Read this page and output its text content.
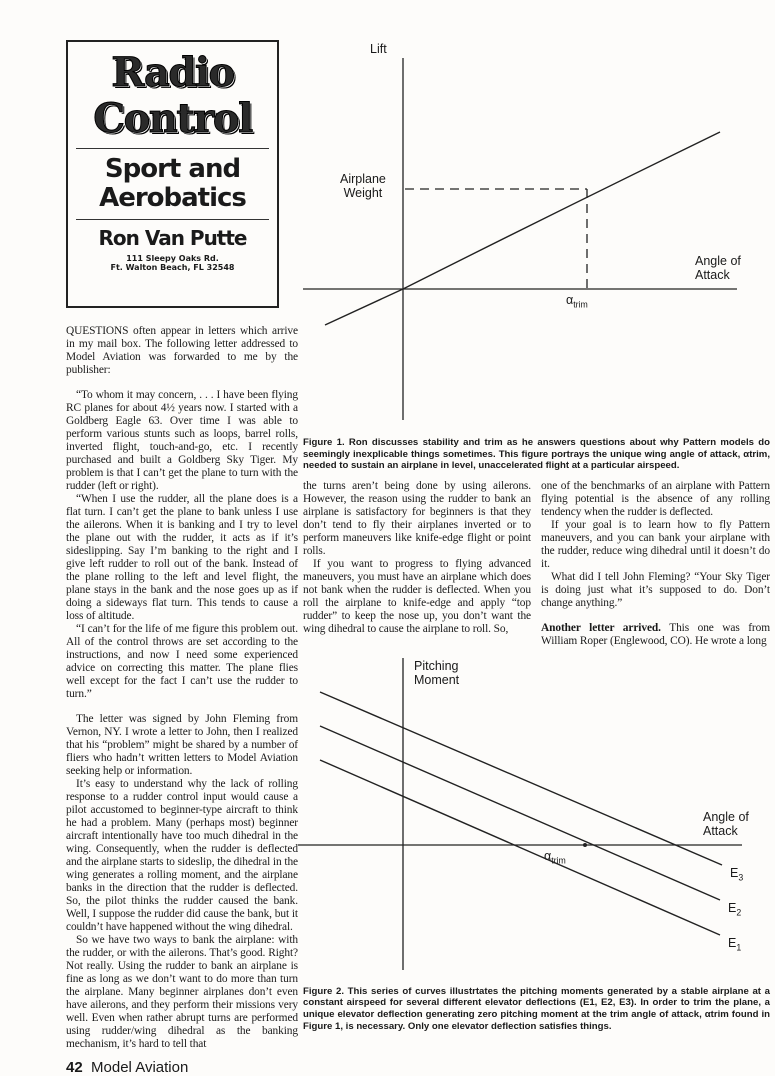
Radio
Control
Sport and
Aerobatics
Ron Van Putte
111 Sleepy Oaks Rd.
Ft. Walton Beach, FL 32548

QUESTIONS often appear in letters which arrive in my mail box. The following letter addressed to Model Aviation was forwarded to me by the publisher:

“To whom it may concern, . . . I have been flying RC planes for about 4½ years now. I started with a Goldberg Eagle 63. Over time I was able to perform various stunts such as loops, barrel rolls, inverted flight, touch-and-go, etc. I recently purchased and built a Goldberg Sky Tiger. My problem is that I can’t get the plane to turn with the rudder (left or right).

“When I use the rudder, all the plane does is a flat turn. I can’t get the plane to bank unless I use the ailerons. When it is banking and I try to level the plane out with the rudder, it acts as if it’s sideslipping. Say I’m banking to the right and I give left rudder to roll out of the bank. Instead of the plane rolling to the left and level flight, the plane stays in the bank and the nose goes up as if doing a sideways flat turn. This tends to cause a loss of altitude.

“I can’t for the life of me figure this problem out. All of the control throws are set according to the instructions, and now I need some experienced advice on correcting this matter. The plane flies well except for the fact I can’t use the rudder to turn.”

The letter was signed by John Fleming from Vernon, NY. I wrote a letter to John, then I realized that his “problem” might be shared by a number of fliers who hadn’t written letters to Model Aviation seeking help or information.

It’s easy to understand why the lack of rolling response to a rudder control input would cause a pilot accustomed to beginner-type aircraft to think he had a problem. Many (perhaps most) beginner aircraft intentionally have too much dihedral in the wing. Consequently, when the rudder is deflected and the airplane starts to sideslip, the dihedral in the wing generates a rolling moment, and the airplane banks in the direction that the rudder is deflected. So, the pilot thinks the rudder caused the bank. Well, I suppose the rudder did cause the bank, but it couldn’t have happened without the wing dihedral.

So we have two ways to bank the airplane: with the rudder, or with the ailerons. That’s good. Right? Not really. Using the rudder to bank an airplane is fine as long as we don’t want to do more than turn the airplane. Many beginner airplanes don’t even have ailerons, and they perform their missions very well. Even when rather abrupt turns are performed using rudder/wing dihedral as the banking mechanism, it’s hard to tell that

42 Model Aviation
Lift
Airplane
Weight
Angle of
Attack
$\alpha_{trim}$
Figure 1. Ron discusses stability and trim as he answers questions about why Pattern models do seemingly inexplicable things sometimes. This figure portrays the unique wing angle of attack, αtrim, needed to sustain an airplane in level, unaccelerated flight at a particular airspeed.

the turns aren’t being done by using ailerons. However, the reason using the rudder to bank an airplane is satisfactory for beginners is that they don’t tend to fly their airplanes inverted or to perform maneuvers like knife-edge flight or point rolls.

If you want to progress to flying advanced maneuvers, you must have an airplane which does not bank when the rudder is deflected. When you roll the airplane to knife-edge and apply “top rudder” to keep the nose up, you don’t want the wing dihedral to cause the airplane to roll. So,

one of the benchmarks of an airplane with Pattern flying potential is the absence of any rolling tendency when the rudder is deflected.

If your goal is to learn how to fly Pattern maneuvers, and you can bank your airplane with the rudder, reduce wing dihedral until it doesn’t do it.

What did I tell John Fleming? “Your Sky Tiger is doing just what it’s supposed to do. Don’t change anything.”

Another letter arrived. This one was from William Roper (Englewood, CO). He wrote a long

Pitching
Moment
Angle of
Attack
$\alpha_{trim}$
$E_3$
$E_2$
$E_1$
Figure 2. This series of curves illustrtates the pitching moments generated by a stable airplane at a constant airspeed for several different elevator deflections (E1, E2, E3). In order to trim the plane, a unique elevator deflection generating zero pitching moment at the trim angle of attack, αtrim found in Figure 1, is necessary. Only one elevator deflection satisfies things.
